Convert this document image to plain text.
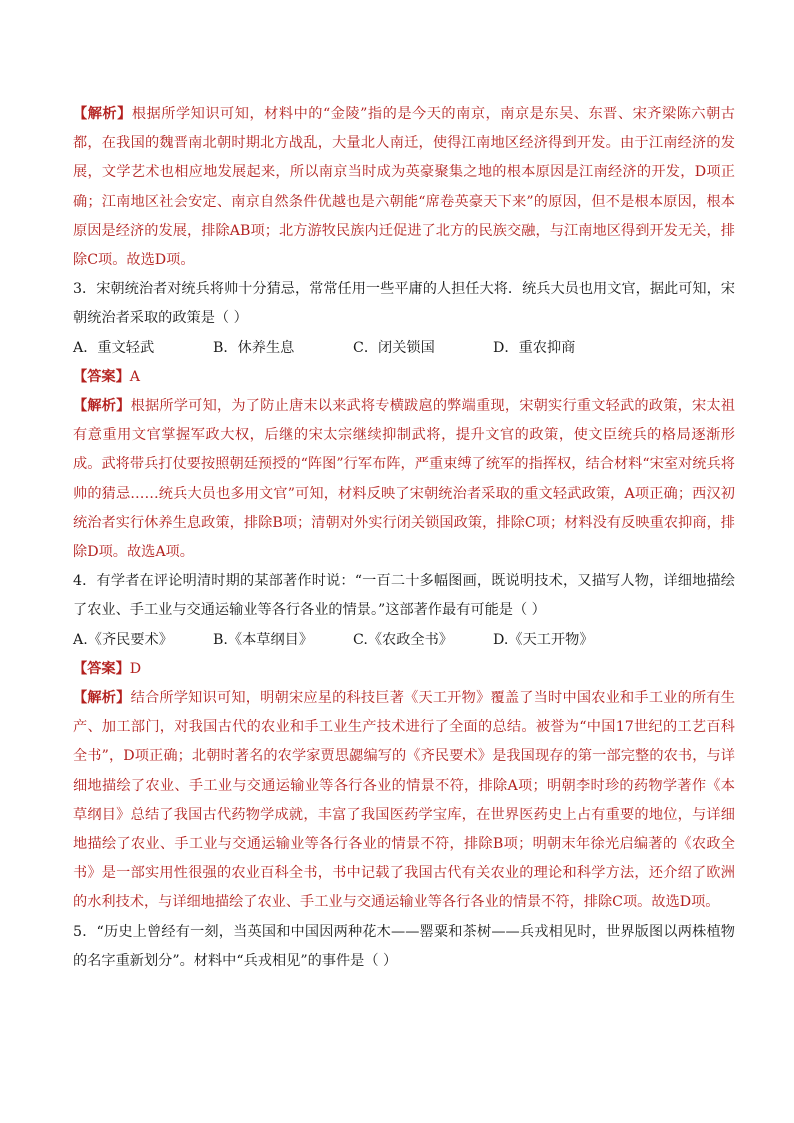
【解析】根据所学知识可知，材料中的“金陵”指的是今天的南京，南京是东吴、东晋、宋齐梁陈六朝古都，在我国的魏晋南北朝时期北方战乱，大量北人南迁，使得江南地区经济得到开发。由于江南经济的发展，文学艺术也相应地发展起来，所以南京当时成为英豪聚集之地的根本原因是江南经济的开发，D项正确；江南地区社会安定、南京自然条件优越也是六朝能“席卷英豪天下来”的原因，但不是根本原因，根本原因是经济的发展，排除AB项；北方游牧民族内迁促进了北方的民族交融，与江南地区得到开发无关，排除C项。故选D项。

3．宋朝统治者对统兵将帅十分猜忌，常常任用一些平庸的人担任大将．统兵大员也用文官，据此可知，宋朝统治者采取的政策是（ ）

A．重文轻武	B．休养生息	C．闭关锁国	D．重农抑商

【答案】A

【解析】根据所学可知，为了防止唐末以来武将专横跋扈的弊端重现，宋朝实行重文轻武的政策，宋太祖有意重用文官掌握军政大权，后继的宋太宗继续抑制武将，提升文官的政策，使文臣统兵的格局逐渐形成。武将带兵打仗要按照朝廷预授的“阵图”行军布阵，严重束缚了统军的指挥权，结合材料“宋室对统兵将帅的猜忌……统兵大员也多用文官”可知，材料反映了宋朝统治者采取的重文轻武政策，A项正确；西汉初统治者实行休养生息政策，排除B项；清朝对外实行闭关锁国政策，排除C项；材料没有反映重农抑商，排除D项。故选A项。

4．有学者在评论明清时期的某部著作时说：“一百二十多幅图画，既说明技术，又描写人物，详细地描绘了农业、手工业与交通运输业等各行各业的情景。”这部著作最有可能是（ ）

A.《齐民要术》	B.《本草纲目》	C.《农政全书》	D.《天工开物》

【答案】D

【解析】结合所学知识可知，明朝宋应星的科技巨著《天工开物》覆盖了当时中国农业和手工业的所有生产、加工部门，对我国古代的农业和手工业生产技术进行了全面的总结。被誉为“中国17世纪的工艺百科全书”，D项正确；北朝时著名的农学家贾思勰编写的《齐民要术》是我国现存的第一部完整的农书，与详细地描绘了农业、手工业与交通运输业等各行各业的情景不符，排除A项；明朝李时珍的药物学著作《本草纲目》总结了我国古代药物学成就，丰富了我国医药学宝库，在世界医药史上占有重要的地位，与详细地描绘了农业、手工业与交通运输业等各行各业的情景不符，排除B项；明朝末年徐光启编著的《农政全书》是一部实用性很强的农业百科全书，书中记载了我国古代有关农业的理论和科学方法，还介绍了欧洲的水利技术，与详细地描绘了农业、手工业与交通运输业等各行各业的情景不符，排除C项。故选D项。

5．“历史上曾经有一刻，当英国和中国因两种花木——罂粟和茶树——兵戎相见时，世界版图以两株植物的名字重新划分”。材料中“兵戎相见”的事件是（ ）
